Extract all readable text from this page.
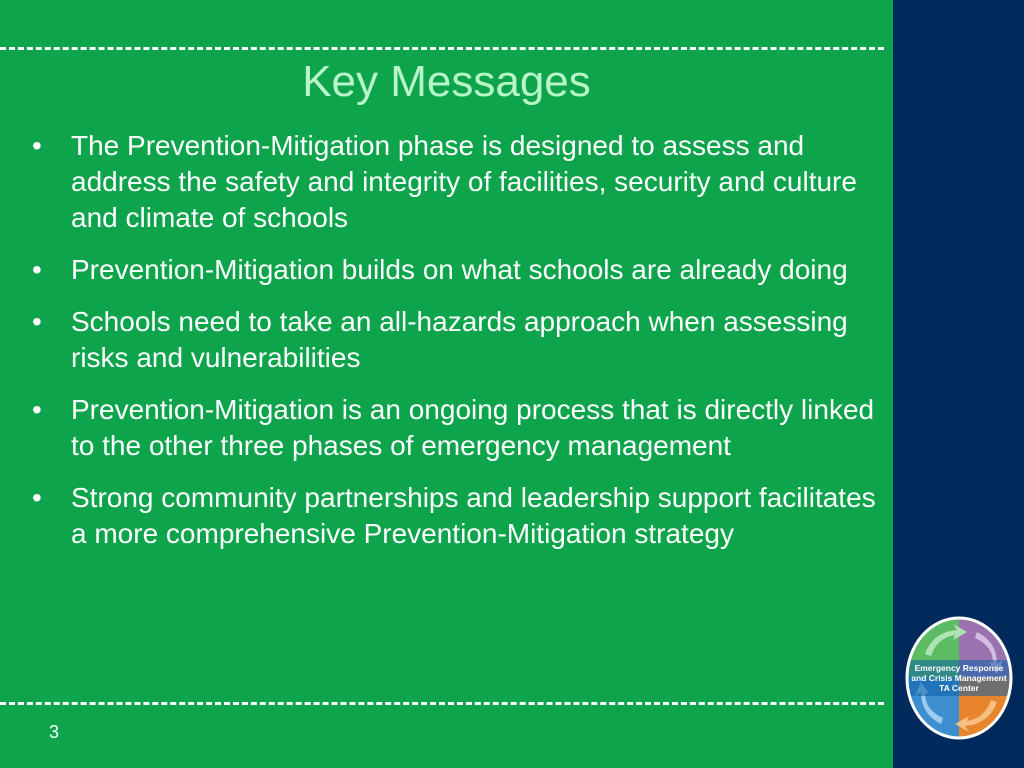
Key Messages
• The Prevention-Mitigation phase is designed to assess and address the safety and integrity of facilities, security and culture and climate of schools
• Prevention-Mitigation builds on what schools are already doing
• Schools need to take an all-hazards approach when assessing risks and vulnerabilities
• Prevention-Mitigation is an ongoing process that is directly linked to the other three phases of emergency management
• Strong community partnerships and leadership support facilitates a more comprehensive Prevention-Mitigation strategy
3
Emergency Response
and Crisis Management
TA Center
